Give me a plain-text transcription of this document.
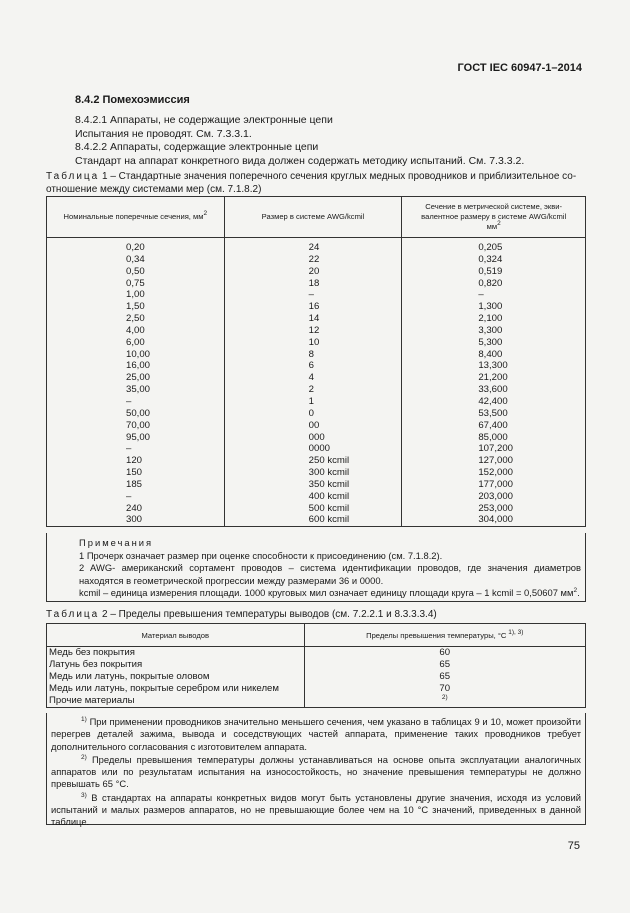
ГОСТ IEC 60947-1–2014
8.4.2 Помехоэмиссия
8.4.2.1 Аппараты, не содержащие электронные цепи
Испытания не проводят. См. 7.3.3.1.
8.4.2.2 Аппараты, содержащие электронные цепи
Стандарт на аппарат конкретного вида должен содержать методику испытаний. См. 7.3.3.2.
Таблица 1 – Стандартные значения поперечного сечения круглых медных проводников и приблизительное соотношение между системами мер (см. 7.1.8.2)
Номинальные поперечные сечения, $мм^2$	Размер в системе AWG/kcmil	Сечение в метрической системе, экви-
валентное размеру в системе AWG/kcmil
$мм^2$

0,20	24	0,205
0,34	22	0,324
0,50	20	0,519
0,75	18	0,820
1,00	–	–
1,50	16	1,300
2,50	14	2,100
4,00	12	3,300
6,00	10	5,300
10,00	8	8,400
16,00	6	13,300
25,00	4	21,200
35,00	2	33,600
–	1	42,400
50,00	0	53,500
70,00	00	67,400
95,00	000	85,000
–	0000	107,200
120	250 kcmil	127,000
150	300 kcmil	152,000
185	350 kcmil	177,000
–	400 kcmil	203,000
240	500 kcmil	253,000
300	600 kcmil	304,000
Примечания
1 Прочерк означает размер при оценке способности к присоединению (см. 7.1.8.2).
2 AWG- американский сортамент проводов – система идентификации проводов, где значения диаметров находятся в геометрической прогрессии между размерами 36 и 0000.
kcmil – единица измерения площади. 1000 круговых мил означает единицу площади круга – 1 kcmil = 0,50607 $мм^2$.
Таблица 2 – Пределы превышения температуры выводов (см. 7.2.2.1 и 8.3.3.3.4)
Материал выводов	Пределы превышения температуры, °С $^{1), 3)}$
Медь без покрытия	60
Латунь без покрытия	65
Медь или латунь, покрытые оловом	65
Медь или латунь, покрытые серебром или никелем	70
Прочие материалы	$^{2)}$

$^{1)}$ При применении проводников значительно меньшего сечения, чем указано в таблицах 9 и 10, может произойти перегрев деталей зажима, вывода и соседствующих частей аппарата, применение таких проводников требует дополнительного согласования с изготовителем аппарата.

$^{2)}$ Пределы превышения температуры должны устанавливаться на основе опыта эксплуатации аналогичных аппаратов или по результатам испытания на износостойкость, но значение превышения температуры не должно превышать 65 °С.

$^{3)}$ В стандартах на аппараты конкретных видов могут быть установлены другие значения, исходя из условий испытаний и малых размеров аппаратов, но не превышающие более чем на 10 °С значений, приведенных в данной таблице.

75
